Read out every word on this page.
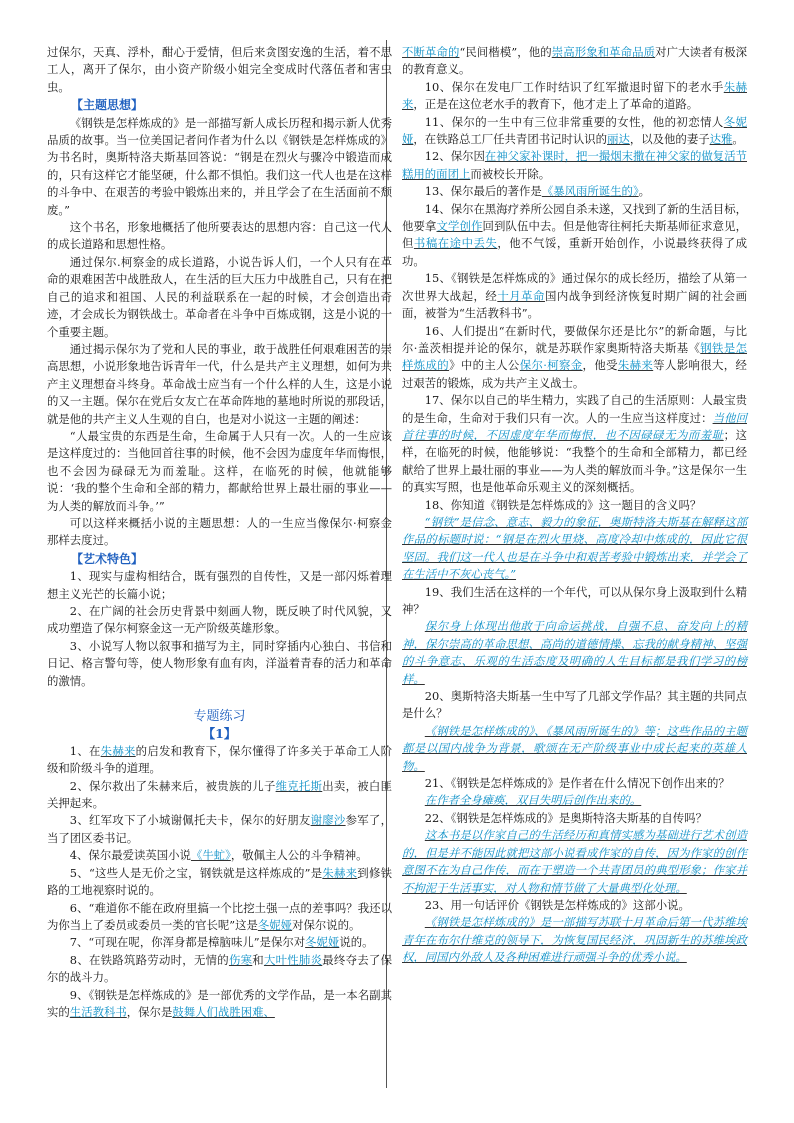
过保尔，天真、浮朴，酣心于爱情，但后来贪图安逸的生活，着不思工人，离开了保尔，由小资产阶级小姐完全变成时代落伍者和害虫虫。

【主题思想】

《钢铁是怎样炼成的》是一部描写新人成长历程和揭示新人优秀品质的故事。当一位美国记者问作者为什么以《钢铁是怎样炼成的》为书名时，奥斯特洛夫斯基回答说：“钢是在烈火与骤冷中锻造而成的，只有这样它才能坚硬，什么都不惧怕。我们这一代人也是在这样的斗争中、在艰苦的考验中锻炼出来的，并且学会了在生活面前不颓废。”

这个书名，形象地概括了他所要表达的思想内容：自己这一代人的成长道路和思想性格。

通过保尔.柯察金的成长道路，小说告诉人们，一个人只有在革命的艰难困苦中战胜敌人，在生活的巨大压力中战胜自己，只有在把自己的追求和祖国、人民的利益联系在一起的时候，才会创造出奇迹，才会成长为钢铁战士。革命者在斗争中百炼成钢，这是小说的一个重要主题。

通过揭示保尔为了党和人民的事业，敢于战胜任何艰难困苦的崇高思想，小说形象地告诉青年一代，什么是共产主义理想，如何为共产主义理想奋斗终身。革命战士应当有一个什么样的人生，这是小说的又一主题。保尔在党后女友亡在革命阵地的墓地时所说的那段话，就是他的共产主义人生观的自白，也是对小说这一主题的阐述：

“人最宝贵的东西是生命，生命属于人只有一次。人的一生应该是这样度过的：当他回首往事的时候，他不会因为虚度年华而悔恨，也不会因为碌碌无为而羞耻。这样，在临死的时候，他就能够说：‘我的整个生命和全部的精力，都献给世界上最壮丽的事业——为人类的解放而斗争。’”

可以这样来概括小说的主题思想：人的一生应当像保尔·柯察金那样去度过。

【艺术特色】

1、现实与虚构相结合，既有强烈的自传性，又是一部闪烁着理想主义光芒的长篇小说；

2、在广阔的社会历史背景中刻画人物，既反映了时代风貌，又成功塑造了保尔柯察金这一无产阶级英雄形象。

3、小说写人物以叙事和描写为主，同时穿插内心独白、书信和日记、格言警句等，使人物形象有血有肉，洋溢着青春的活力和革命的激情。

专题练习

【1】

1、在朱赫来的启发和教育下，保尔懂得了许多关于革命工人阶级和阶级斗争的道理。

2、保尔救出了朱赫来后，被贵族的儿子维克托斯出卖，被白匪关押起来。

3、红军攻下了小城谢佩托夫卡，保尔的好朋友谢廖沙参军了，当了团区委书记。

4、保尔最爱读英国小说《牛虻》，敬佩主人公的斗争精神。

5、“这些人是无价之宝，钢铁就是这样炼成的”是朱赫来到修铁路的工地视察时说的。

6、“难道你不能在政府里搞一个比挖土强一点的差事吗？我还以为你当上了委员或委员一类的官长呢”这是冬妮娅对保尔说的。

7、“可现在呢，你浑身都是樟脑味儿”是保尔对冬妮娅说的。

8、在铁路筑路劳动时，无情的伤寒和大叶性肺炎最终夺去了保尔的战斗力。

9、《钢铁是怎样炼成的》是一部优秀的文学作品，是一本名副其实的生活教科书，保尔是鼓舞人们战胜困难、

不断革命的“民间楷模”，他的崇高形象和革命品质对广大读者有极深的教育意义。

10、保尔在发电厂工作时结识了红军撤退时留下的老水手朱赫来，正是在这位老水手的教育下，他才走上了革命的道路。

11、保尔的一生中有三位非常重要的女性，他的初恋情人冬妮娅，在铁路总工厂任共青团书记时认识的丽达，以及他的妻子达雅。

12、保尔因在神父家补课时，把一撮烟末撒在神父家的做复活节糕用的面团上而被校长开除。

13、保尔最后的著作是《暴风雨所诞生的》。

14、保尔在黑海疗养所公园自杀未遂，又找到了新的生活目标，他要拿文学创作回到队伍中去。但是他寄往柯托夫斯基师征求意见，但书稿在途中丢失，他不气馁，重新开始创作，小说最终获得了成功。

15、《钢铁是怎样炼成的》通过保尔的成长经历，描绘了从第一次世界大战起，经十月革命国内战争到经济恢复时期广阔的社会画面，被誉为“生活教科书”。

16、人们提出“在新时代，要做保尔还是比尔”的新命题，与比尔·盖茨相提并论的保尔，就是苏联作家奥斯特洛夫斯基《钢铁是怎样炼成的》中的主人公保尔·柯察金，他受朱赫来等人影响很大，经过艰苦的锻炼，成为共产主义战士。

17、保尔以自己的毕生精力，实践了自己的生活原则：人最宝贵的是生命，生命对于我们只有一次。人的一生应当这样度过：当他回首往事的时候，不因虚度年华而悔恨，也不因碌碌无为而羞耻；这样，在临死的时候，他能够说：“我整个的生命和全部精力，都已经献给了世界上最壮丽的事业——为人类的解放而斗争。”这是保尔一生的真实写照，也是他革命乐观主义的深刻概括。

18、你知道《钢铁是怎样炼成的》这一题目的含义吗？

“钢铁”是信念、意志、毅力的象征，奥斯特洛夫斯基在解释这部作品的标题时说：“钢是在烈火里烧、高度冷却中炼成的，因此它很坚固。我们这一代人也是在斗争中和艰苦考验中锻炼出来，并学会了在生活中不灰心丧气。”

19、我们生活在这样的一个年代，可以从保尔身上汲取到什么精神？

保尔身上体现出他敢于向命运挑战，自强不息、奋发向上的精神，保尔崇高的革命思想、高尚的道德情操、忘我的献身精神、坚强的斗争意志、乐观的生活态度及明确的人生目标都是我们学习的榜样。

20、奥斯特洛夫斯基一生中写了几部文学作品？其主题的共同点是什么？

《钢铁是怎样炼成的》、《暴风雨所诞生的》等；这些作品的主题都是以国内战争为背景，歌颂在无产阶级事业中成长起来的英雄人物。

21、《钢铁是怎样炼成的》是作者在什么情况下创作出来的？

在作者全身瘫痪，双目失明后创作出来的。

22、《钢铁是怎样炼成的》是奥斯特洛夫斯基的自传吗？

这本书是以作家自己的生活经历和真情实感为基础进行艺术创造的，但是并不能因此就把这部小说看成作家的自传，因为作家的创作意图不在为自己作传，而在于塑造一个共青团员的典型形象；作家并不拘泥于生活事实，对人物和情节做了大量典型化处理。

23、用一句话评价《钢铁是怎样炼成的》这部小说。

《钢铁是怎样炼成的》是一部描写苏联十月革命后第一代苏维埃青年在布尔什维克的领导下，为恢复国民经济，巩固新生的苏维埃政权，同国内外敌人及各种困难进行顽强斗争的优秀小说。
